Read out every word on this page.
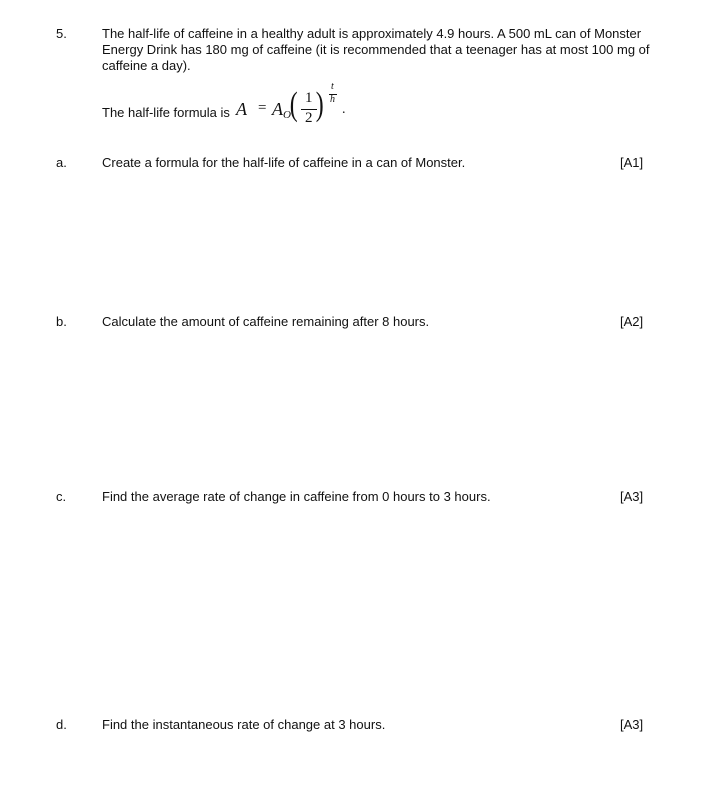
5.	The half-life of caffeine in a healthy adult is approximately 4.9 hours. A 500 mL can of Monster
Energy Drink has 180 mg of caffeine (it is recommended that a teenager has at most 100 mg of
caffeine a day).
The half-life formula is A = A O
( 1
2 ) t
h
.
a.	Create a formula for the half-life of caffeine in a can of Monster.	[A1]
b.	Calculate the amount of caffeine remaining after 8 hours.	[A2]
c.	Find the average rate of change in caffeine from 0 hours to 3 hours.	[A3]
d.	Find the instantaneous rate of change at 3 hours.	[A3]
